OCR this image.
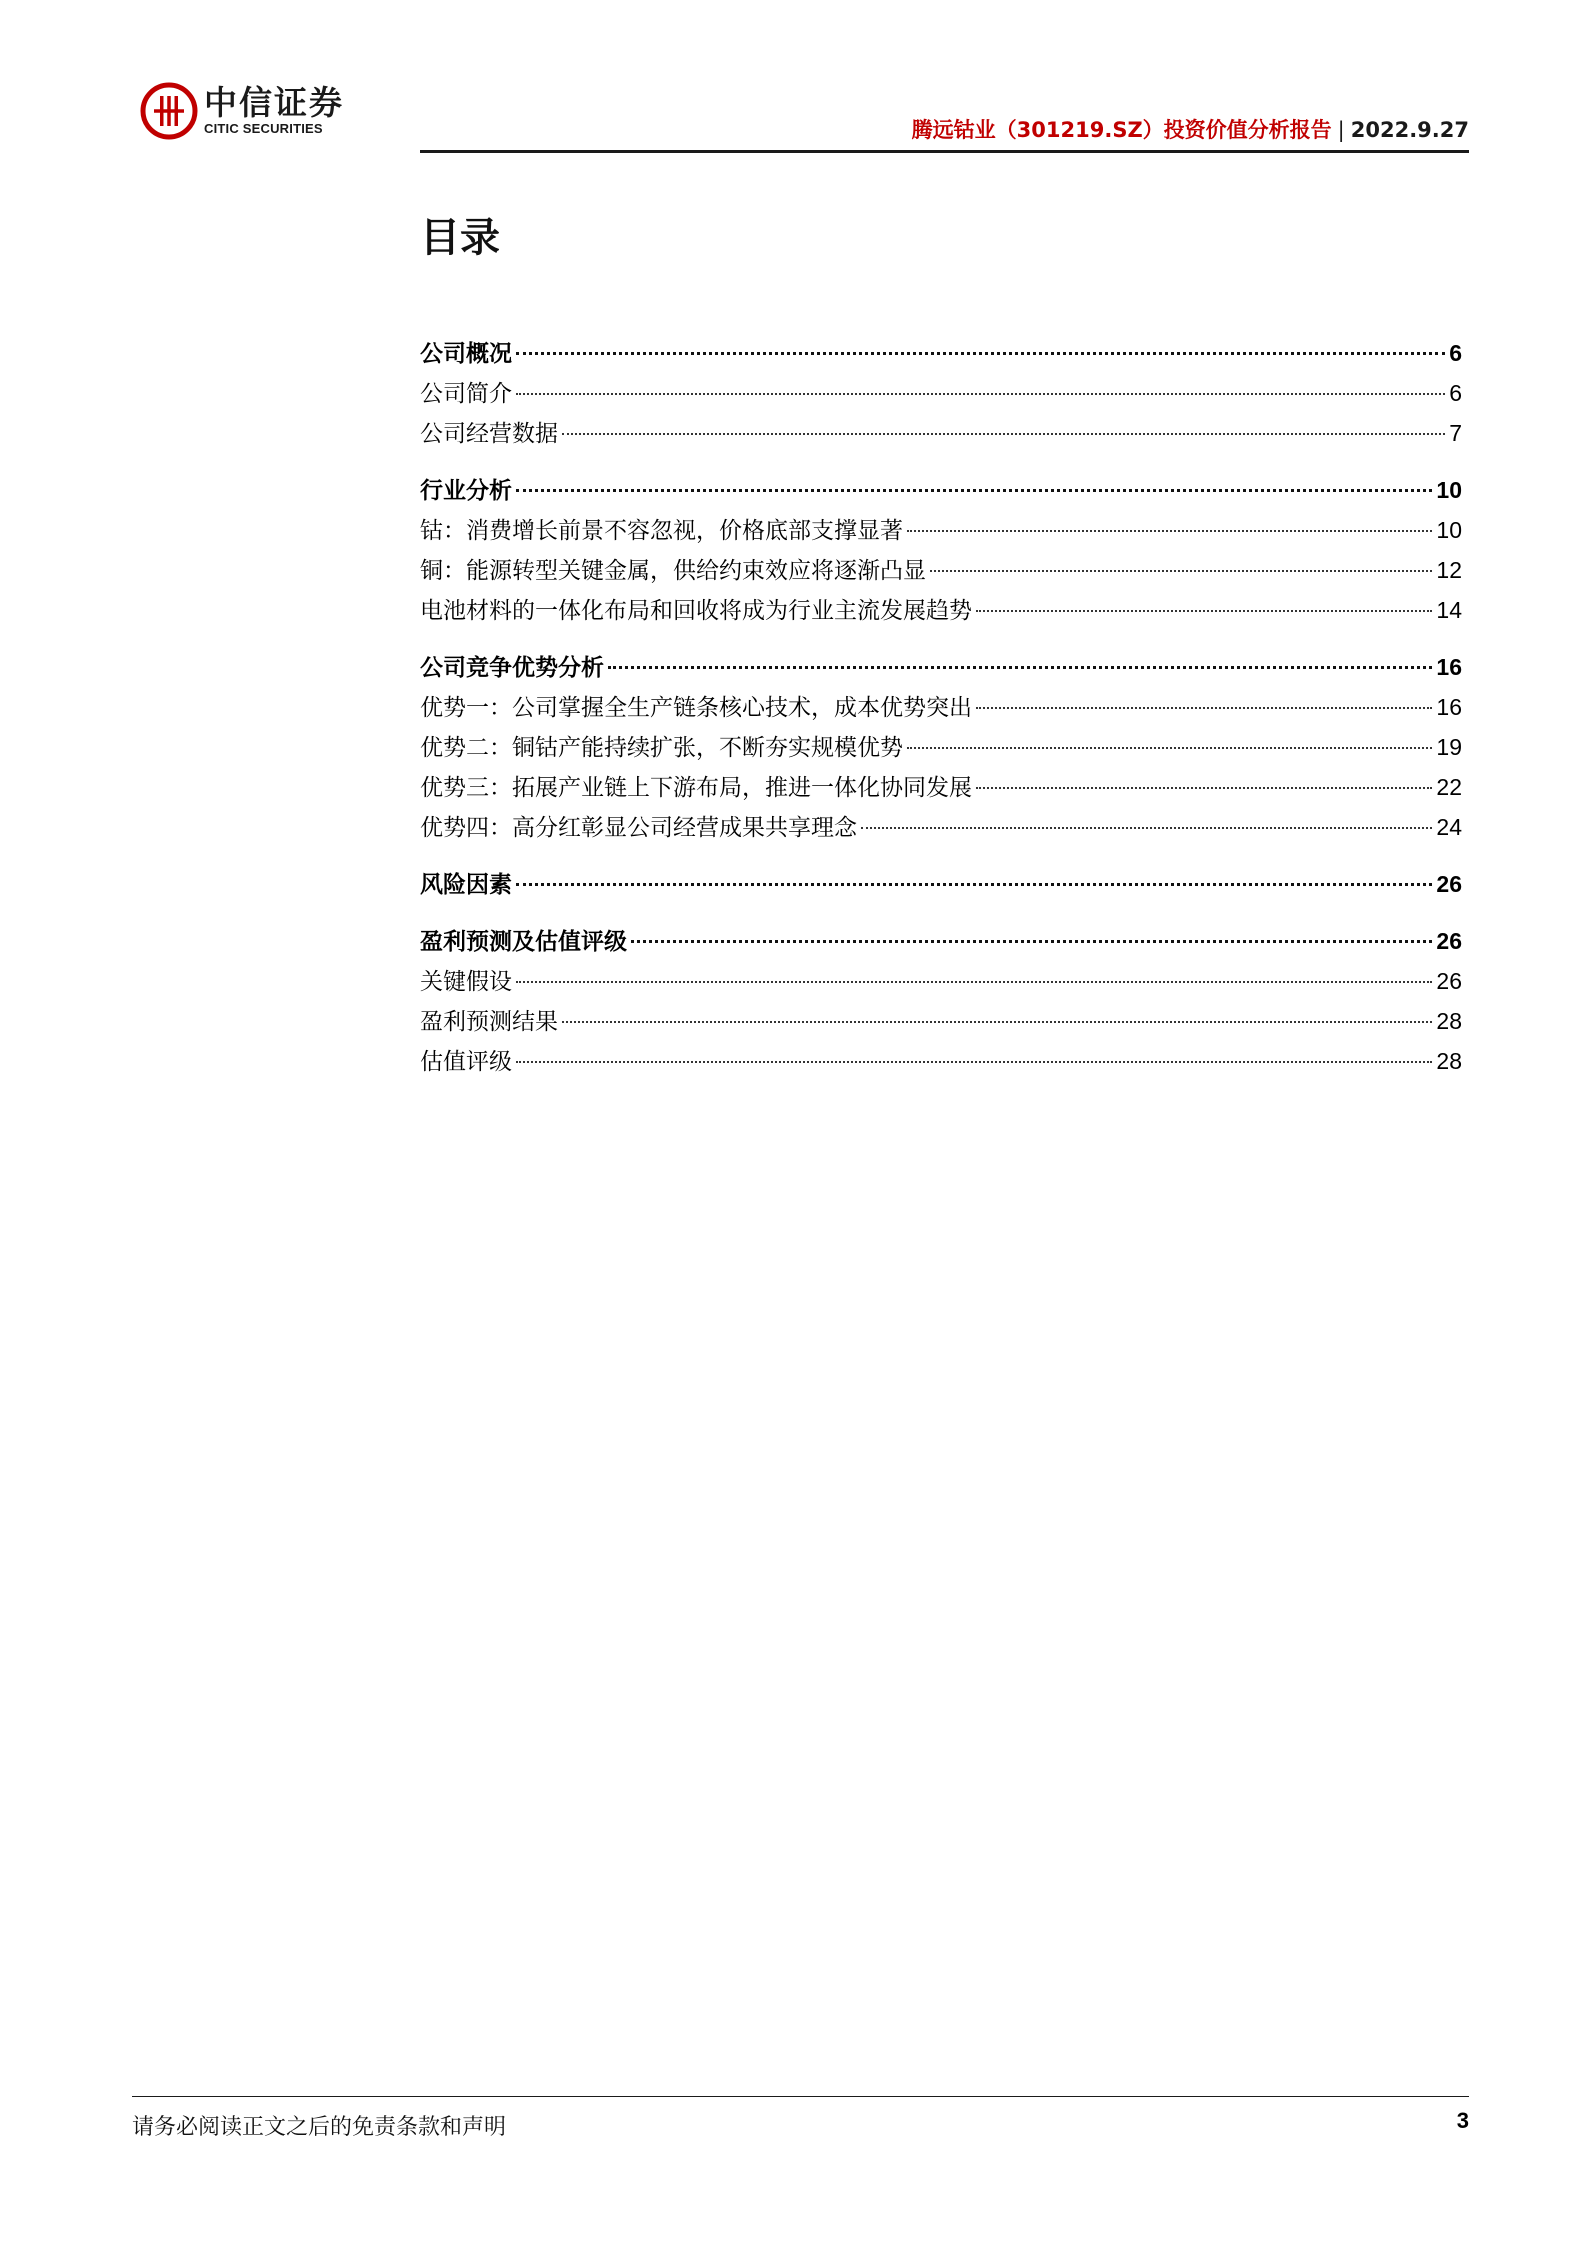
中信证券
CITIC SECURITIES	腾远钴业（301219.SZ）投资价值分析报告 | 2022.9.27
目录
公司概况	6
公司简介	6
公司经营数据	7
行业分析	10
钴：消费增长前景不容忽视，价格底部支撑显著	10
铜：能源转型关键金属，供给约束效应将逐渐凸显	12
电池材料的一体化布局和回收将成为行业主流发展趋势	14
公司竞争优势分析	16
优势一：公司掌握全生产链条核心技术，成本优势突出	16
优势二：铜钴产能持续扩张，不断夯实规模优势	19
优势三：拓展产业链上下游布局，推进一体化协同发展	22
优势四：高分红彰显公司经营成果共享理念	24
风险因素	26
盈利预测及估值评级	26
关键假设	26
盈利预测结果	28
估值评级	28
请务必阅读正文之后的免责条款和声明	3
